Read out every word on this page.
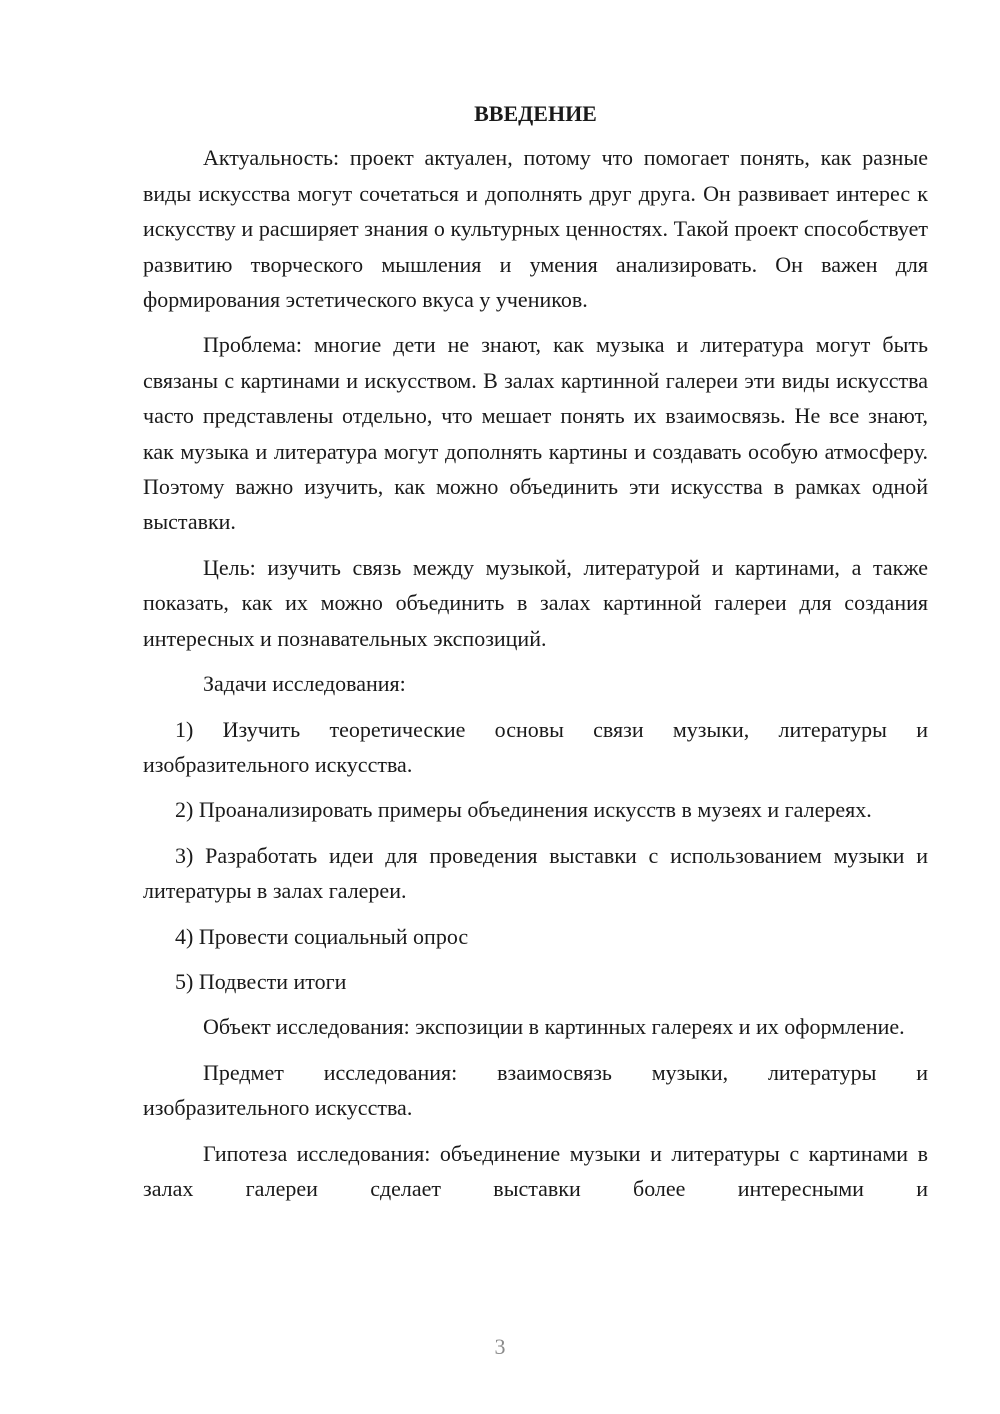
ВВЕДЕНИЕ

Актуальность: проект актуален, потому что помогает понять, как разные виды искусства могут сочетаться и дополнять друг друга. Он развивает интерес к искусству и расширяет знания о культурных ценностях. Такой проект способствует развитию творческого мышления и умения анализировать. Он важен для формирования эстетического вкуса у учеников.

Проблема: многие дети не знают, как музыка и литература могут быть связаны с картинами и искусством. В залах картинной галереи эти виды искусства часто представлены отдельно, что мешает понять их взаимосвязь. Не все знают, как музыка и литература могут дополнять картины и создавать особую атмосферу. Поэтому важно изучить, как можно объединить эти искусства в рамках одной выставки.

Цель: изучить связь между музыкой, литературой и картинами, а также показать, как их можно объединить в залах картинной галереи для создания интересных и познавательных экспозиций.

Задачи исследования:

1) Изучить теоретические основы связи музыки, литературы и изобразительного искусства.

2) Проанализировать примеры объединения искусств в музеях и галереях.

3) Разработать идеи для проведения выставки с использованием музыки и литературы в залах галереи.

4) Провести социальный опрос

5) Подвести итоги

Объект исследования: экспозиции в картинных галереях и их оформление.

Предмет исследования: взаимосвязь музыки, литературы и изобразительного искусства.

Гипотеза исследования: объединение музыки и литературы с картинами в залах галереи сделает выставки более интересными и

3
